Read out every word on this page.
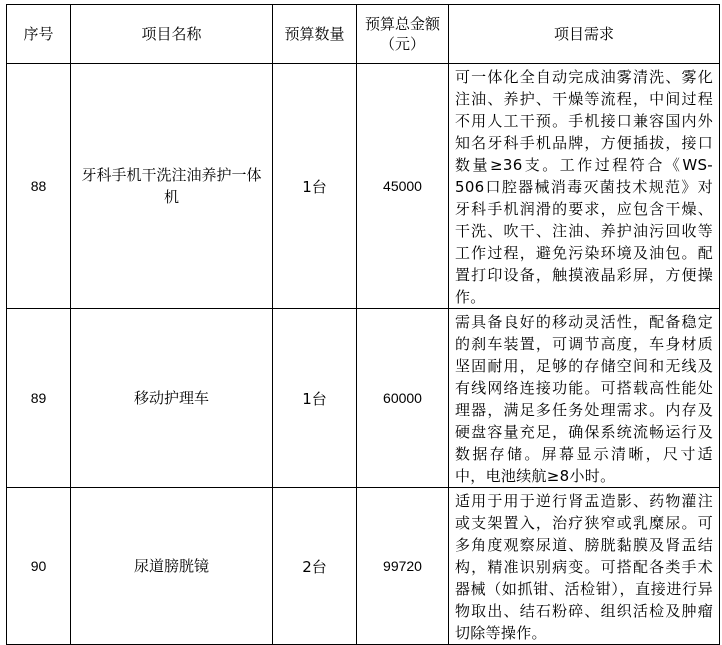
序号	项目名称	预算数量	预算总金额（元）	项目需求
88	牙科手机干洗注油养护一体机	1台	45000	可一体化全自动完成油雾清洗、雾化注油、养护、干燥等流程，中间过程不用人工干预。手机接口兼容国内外知名牙科手机品牌，方便插拔，接口数量≥36支。工作过程符合《WS-506口腔器械消毒灭菌技术规范》对牙科手机润滑的要求，应包含干燥、干洗、吹干、注油、养护油污回收等工作过程，避免污染环境及油包。配置打印设备，触摸液晶彩屏，方便操作。
89	移动护理车	1台	60000	需具备良好的移动灵活性，配备稳定的刹车装置，可调节高度，车身材质坚固耐用，足够的存储空间和无线及有线网络连接功能。可搭载高性能处理器，满足多任务处理需求。内存及硬盘容量充足，确保系统流畅运行及数据存储。屏幕显示清晰，尺寸适中，电池续航≥8小时。
90	尿道膀胱镜	2台	99720	适用于用于逆行肾盂造影、药物灌注或支架置入，治疗狭窄或乳糜尿。可多角度观察尿道、膀胱黏膜及肾盂结构，精准识别病变。可搭配各类手术器械（如抓钳、活检钳），直接进行异物取出、结石粉碎、组织活检及肿瘤切除等操作。
